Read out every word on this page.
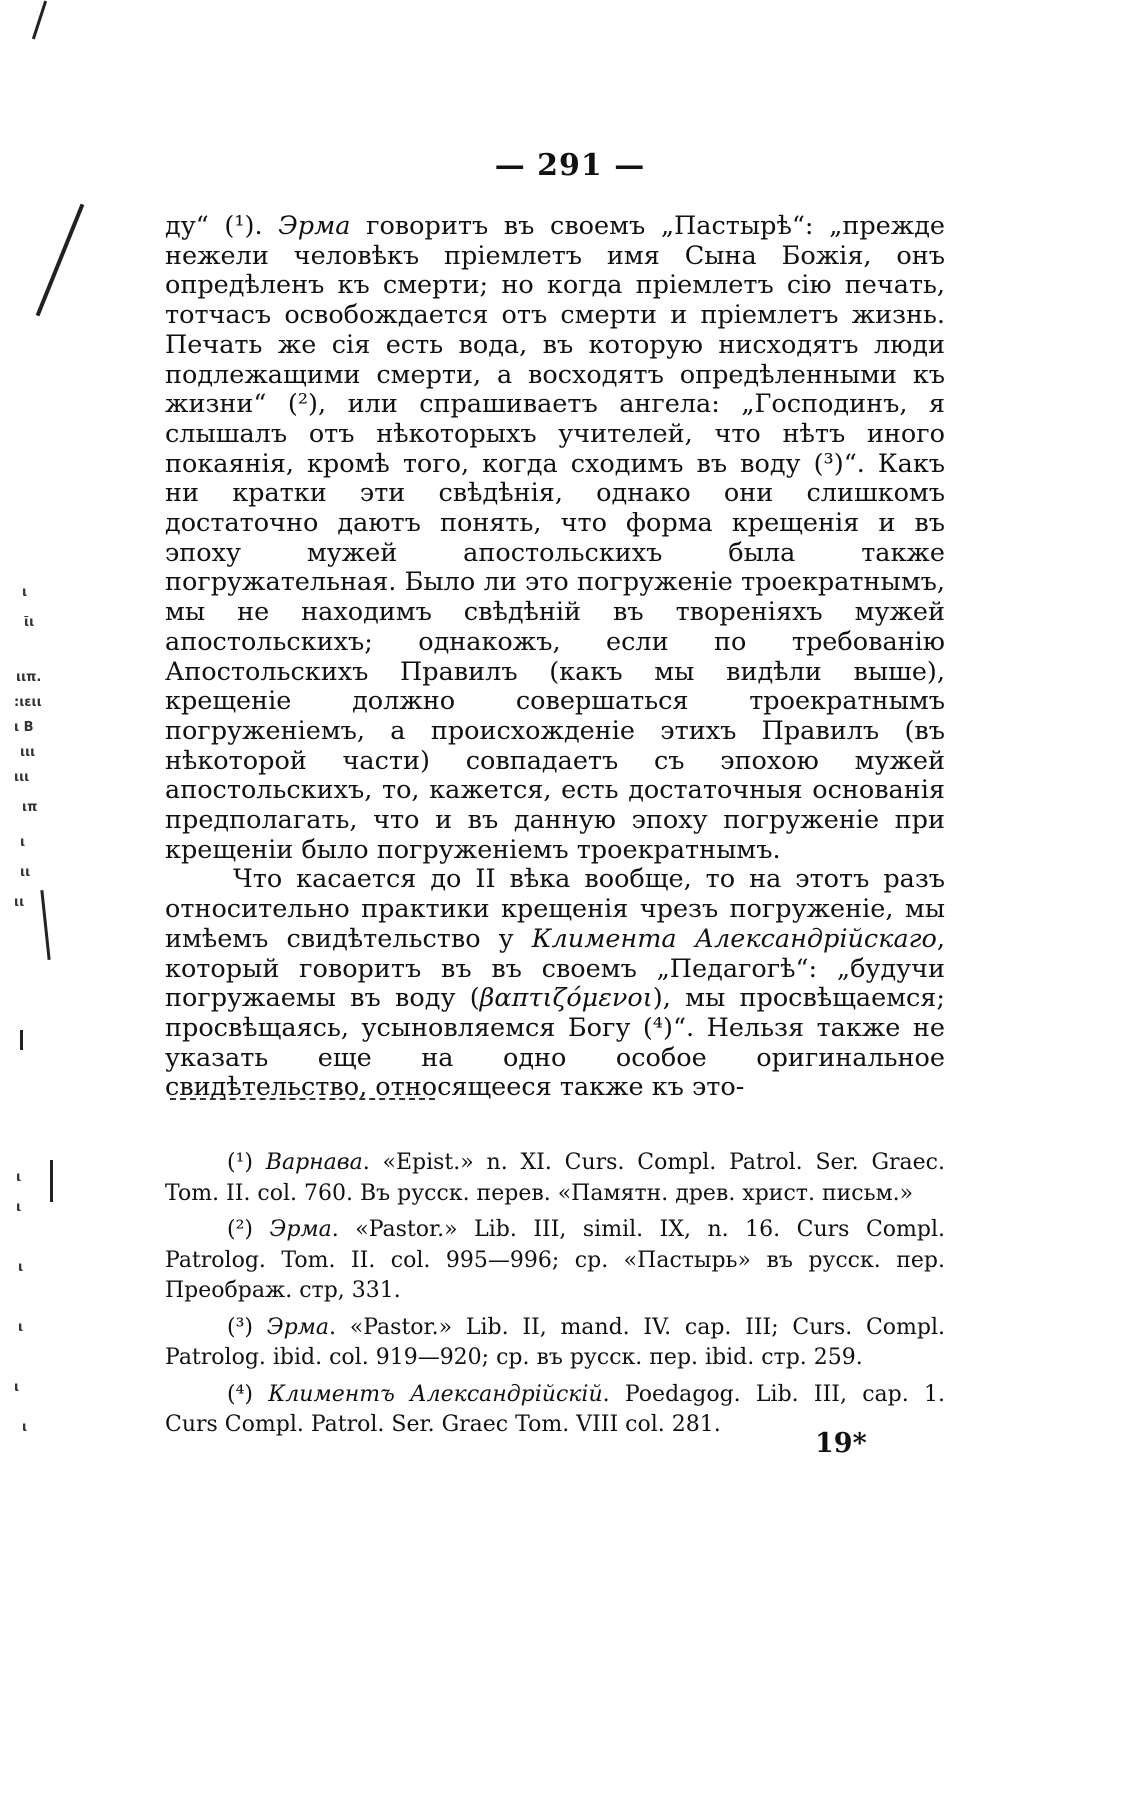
ι
ῖι
ιιπ.
:ιειι
ι Β
ιιι
ιιι
ιπ
ι
ιι
ιι
ι
ι
ι
ι
ι
ι
— 291 —

ду“ (¹). Эрма говоритъ въ своемъ „Пастырѣ“: „прежде нежели человѣкъ пріемлетъ имя Сына Божія, онъ опредѣленъ къ смерти; но когда пріемлетъ сію печать, тотчасъ освобождается отъ смерти и пріемлетъ жизнь. Печать же сія есть вода, въ которую нисходятъ люди подлежащими смерти, а восходятъ опредѣленными къ жизни“ (²), или спрашиваетъ ангела: „Господинъ, я слышалъ отъ нѣкоторыхъ учителей, что нѣтъ иного покаянія, кромѣ того, когда сходимъ въ воду (³)“. Какъ ни кратки эти свѣдѣнія, однако они слишкомъ достаточно даютъ понять, что форма крещенія и въ эпоху мужей апостольскихъ была также погружательная. Было ли это погруженіе троекратнымъ, мы не находимъ свѣдѣній въ твореніяхъ мужей апостольскихъ; однакожъ, если по требованію Апостольскихъ Правилъ (какъ мы видѣли выше), крещеніе должно совершаться троекратнымъ погруженіемъ, а происхожденіе этихъ Правилъ (въ нѣкоторой части) совпадаетъ съ эпохою мужей апостольскихъ, то, кажется, есть достаточныя основанія предполагать, что и въ данную эпоху погруженіе при крещеніи было погруженіемъ троекратнымъ.

Что касается до II вѣка вообще, то на этотъ разъ относительно практики крещенія чрезъ погруженіе, мы имѣемъ свидѣтельство у Климента Александрійскаго, который говоритъ въ въ своемъ „Педагогѣ“: „будучи погружаемы въ воду (βαπτιζόμενοι), мы просвѣщаемся; просвѣщаясь, усыновляемся Богу (⁴)“. Нельзя также не указать еще на одно особое оригинальное свидѣтельство, относящееся также къ это-

(¹) Варнава. «Epist.» n. XI. Curs. Compl. Patrol. Ser. Graec. Tom. II. col. 760. Въ русск. перев. «Памятн. древ. христ. письм.»

(²) Эрма. «Pastor.» Lib. III, simil. IX, n. 16. Curs Compl. Patrolog. Tom. II. col. 995—996; ср. «Пастырь» въ русск. пер. Преображ. стр, 331.

(³) Эрма. «Pastor.» Lib. II, mand. IV. cap. III; Curs. Compl. Patrolog. ibid. col. 919—920; ср. въ русск. пер. ibid. стр. 259.

(⁴) Климентъ Александрійскій. Poedagog. Lib. III, cap. 1. Curs Compl. Patrol. Ser. Graec Tom. VIII col. 281.

19*
